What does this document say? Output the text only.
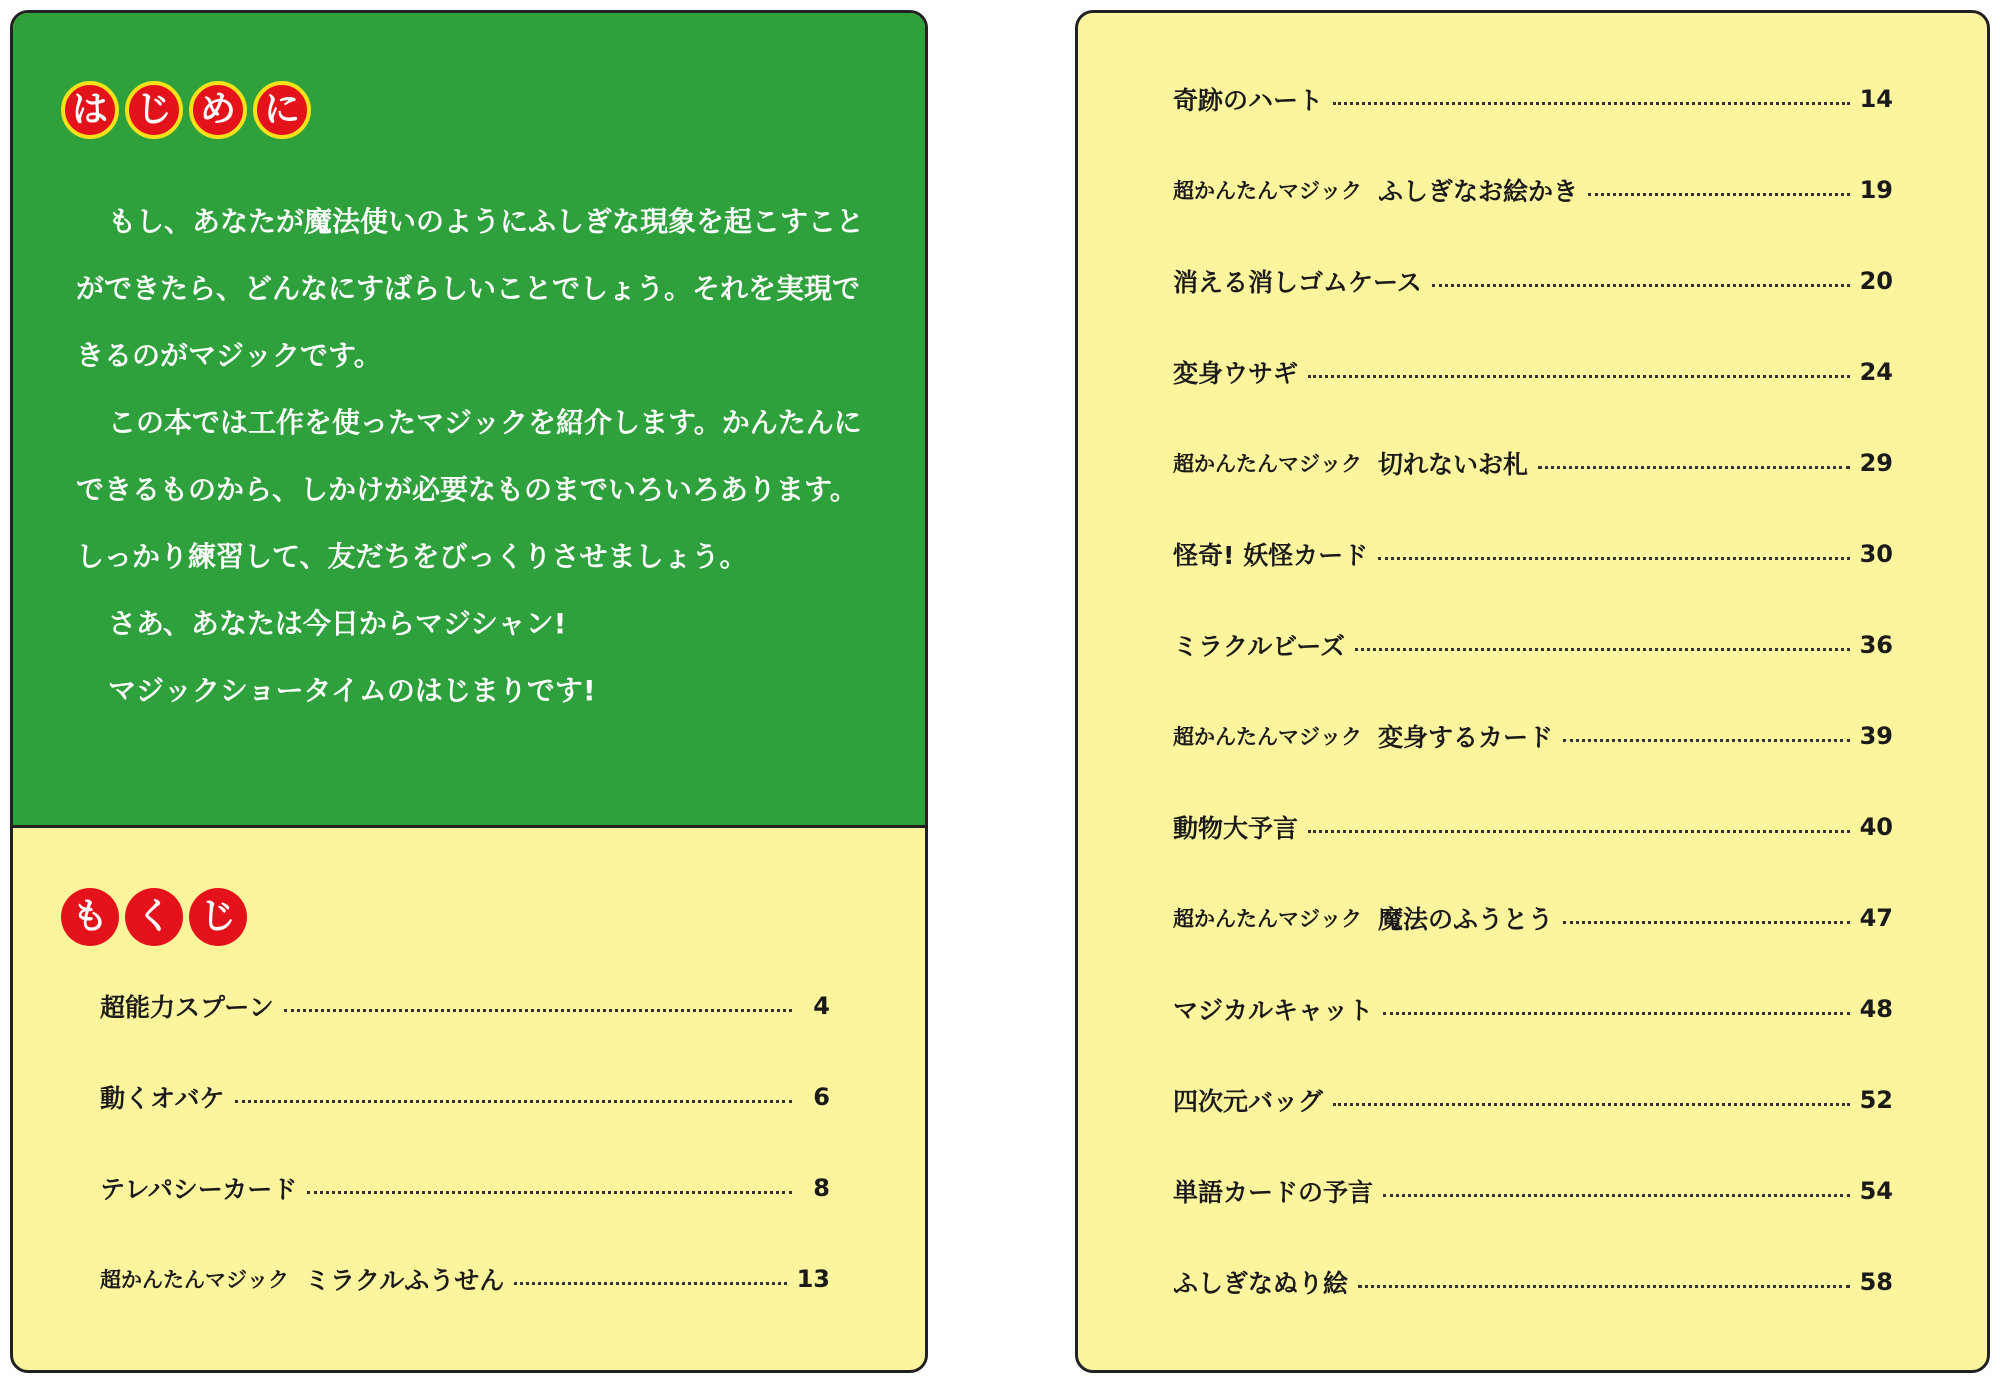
は じ め に
もし、あなたが魔法使いのようにふしぎな現象を起こすこと
ができたら、どんなにすばらしいことでしょう。それを実現で
きるのがマジックです。
この本では工作を使ったマジックを紹介します。かんたんに
できるものから、しかけが必要なものまでいろいろあります。
しっかり練習して、友だちをびっくりさせましょう。
さあ、あなたは今日からマジシャン!
マジックショータイムのはじまりです!
も く じ
超能力スプーン	4
動くオバケ	6
テレパシーカード	8
超かんたんマジック ミラクルふうせん	13
奇跡のハート	14
超かんたんマジック ふしぎなお絵かき	19
消える消しゴムケース	20
変身ウサギ	24
超かんたんマジック 切れないお札	29
怪奇! 妖怪カード	30
ミラクルビーズ	36
超かんたんマジック 変身するカード	39
動物大予言	40
超かんたんマジック 魔法のふうとう	47
マジカルキャット	48
四次元バッグ	52
単語カードの予言	54
ふしぎなぬり絵	58
